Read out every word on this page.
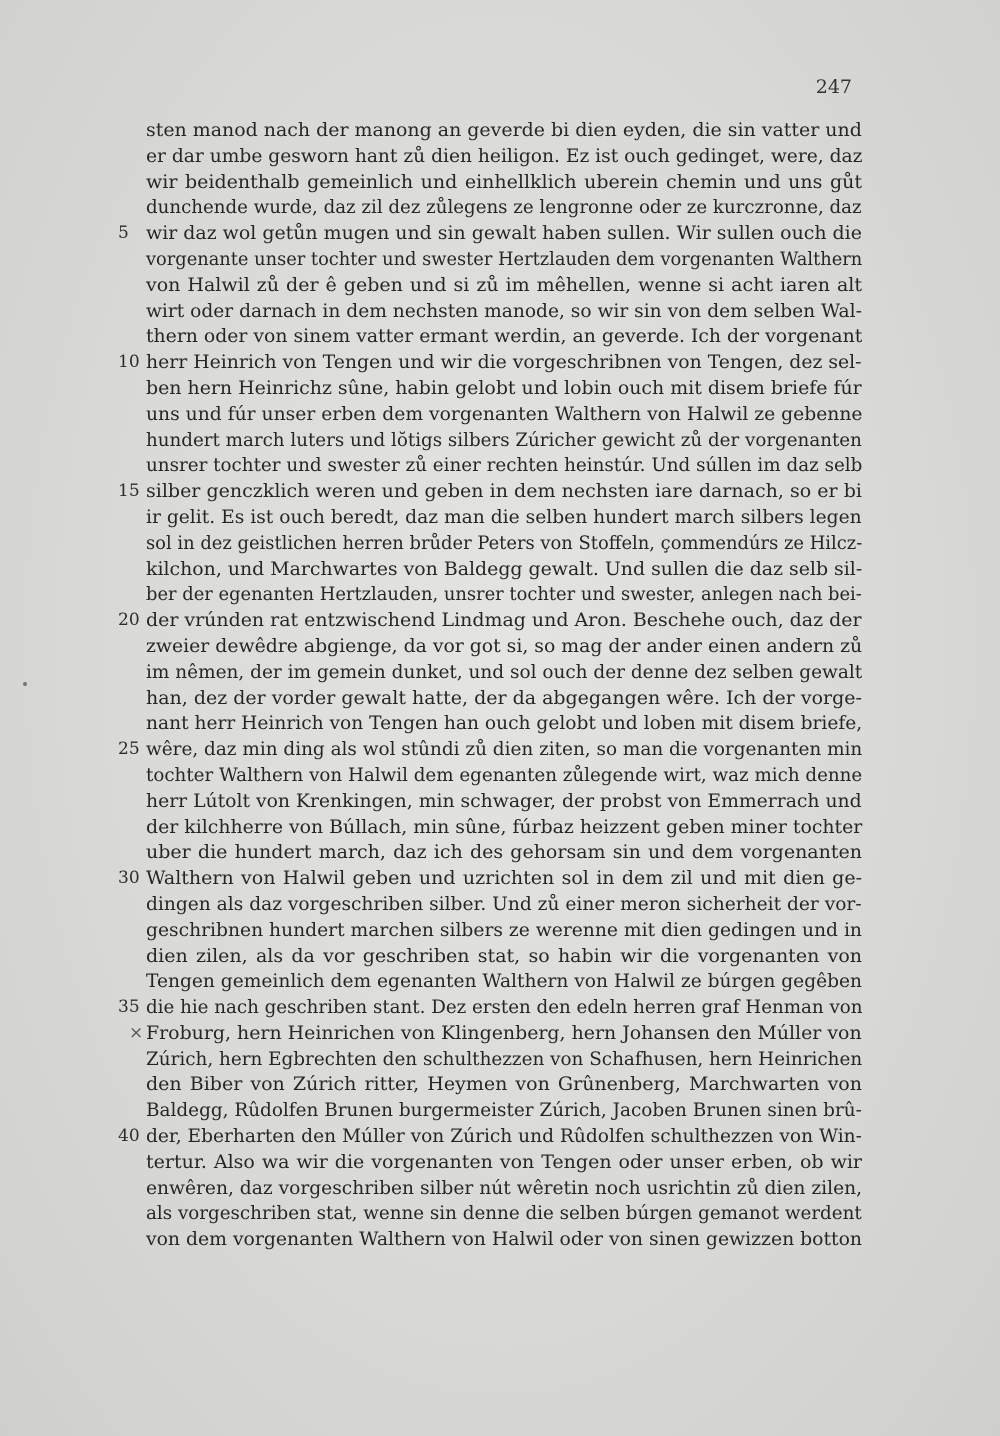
247
sten manod nach der manong an geverde bi dien eyden, die sin vatter und
er dar umbe gesworn hant zů dien heiligon. Ez ist ouch gedinget, were, daz
wir beidenthalb gemeinlich und einhellklich uberein chemin und uns gůt
dunchende wurde, daz zil dez zůlegens ze lengronne oder ze kurczronne, daz
5 wir daz wol getůn mugen und sin gewalt haben sullen. Wir sullen ouch die
vorgenante unser tochter und swester Hertzlauden dem vorgenanten Walthern
von Halwil zů der ê geben und si zů im mêhellen, wenne si acht iaren alt
wirt oder darnach in dem nechsten manode, so wir sin von dem selben Wal-
thern oder von sinem vatter ermant werdin, an geverde. Ich der vorgenant
10 herr Heinrich von Tengen und wir die vorgeschribnen von Tengen, dez sel-
ben hern Heinrichz sûne, habin gelobt und lobin ouch mit disem briefe fúr
uns und fúr unser erben dem vorgenanten Walthern von Halwil ze gebenne
hundert march luters und lŏtigs silbers Zúricher gewicht zů der vorgenanten
unsrer tochter und swester zů einer rechten heinstúr. Und súllen im daz selb
15 silber genczklich weren und geben in dem nechsten iare darnach, so er bi
ir gelit. Es ist ouch beredt, daz man die selben hundert march silbers legen
sol in dez geistlichen herren brůder Peters von Stoffeln, çommendúrs ze Hilcz-
kilchon, und Marchwartes von Baldegg gewalt. Und sullen die daz selb sil-
ber der egenanten Hertzlauden, unsrer tochter und swester, anlegen nach bei-
20 der vrúnden rat entzwischend Lindmag und Aron. Beschehe ouch, daz der
zweier dewêdre abgienge, da vor got si, so mag der ander einen andern zů
im nêmen, der im gemein dunket, und sol ouch der denne dez selben gewalt
han, dez der vorder gewalt hatte, der da abgegangen wêre. Ich der vorge-
nant herr Heinrich von Tengen han ouch gelobt und loben mit disem briefe,
25 wêre, daz min ding als wol stûndi zů dien ziten, so man die vorgenanten min
tochter Walthern von Halwil dem egenanten zůlegende wirt, waz mich denne
herr Lútolt von Krenkingen, min schwager, der probst von Emmerrach und
der kilchherre von Búllach, min sûne, fúrbaz heizzent geben miner tochter
uber die hundert march, daz ich des gehorsam sin und dem vorgenanten
30 Walthern von Halwil geben und uzrichten sol in dem zil und mit dien ge-
dingen als daz vorgeschriben silber. Und zů einer meron sicherheit der vor-
geschribnen hundert marchen silbers ze werenne mit dien gedingen und in
dien zilen, als da vor geschriben stat, so habin wir die vorgenanten von
Tengen gemeinlich dem egenanten Walthern von Halwil ze búrgen gegêben
35 die hie nach geschriben stant. Dez ersten den edeln herren graf Henman von
× Froburg, hern Heinrichen von Klingenberg, hern Johansen den Múller von
Zúrich, hern Egbrechten den schulthezzen von Schafhusen, hern Heinrichen
den Biber von Zúrich ritter, Heymen von Grûnenberg, Marchwarten von
Baldegg, Rûdolfen Brunen burgermeister Zúrich, Jacoben Brunen sinen brû-
40 der, Eberharten den Múller von Zúrich und Rûdolfen schulthezzen von Win-
tertur. Also wa wir die vorgenanten von Tengen oder unser erben, ob wir
enwêren, daz vorgeschriben silber nút wêretin noch usrichtin zů dien zilen,
als vorgeschriben stat, wenne sin denne die selben búrgen gemanot werdent
von dem vorgenanten Walthern von Halwil oder von sinen gewizzen botton
